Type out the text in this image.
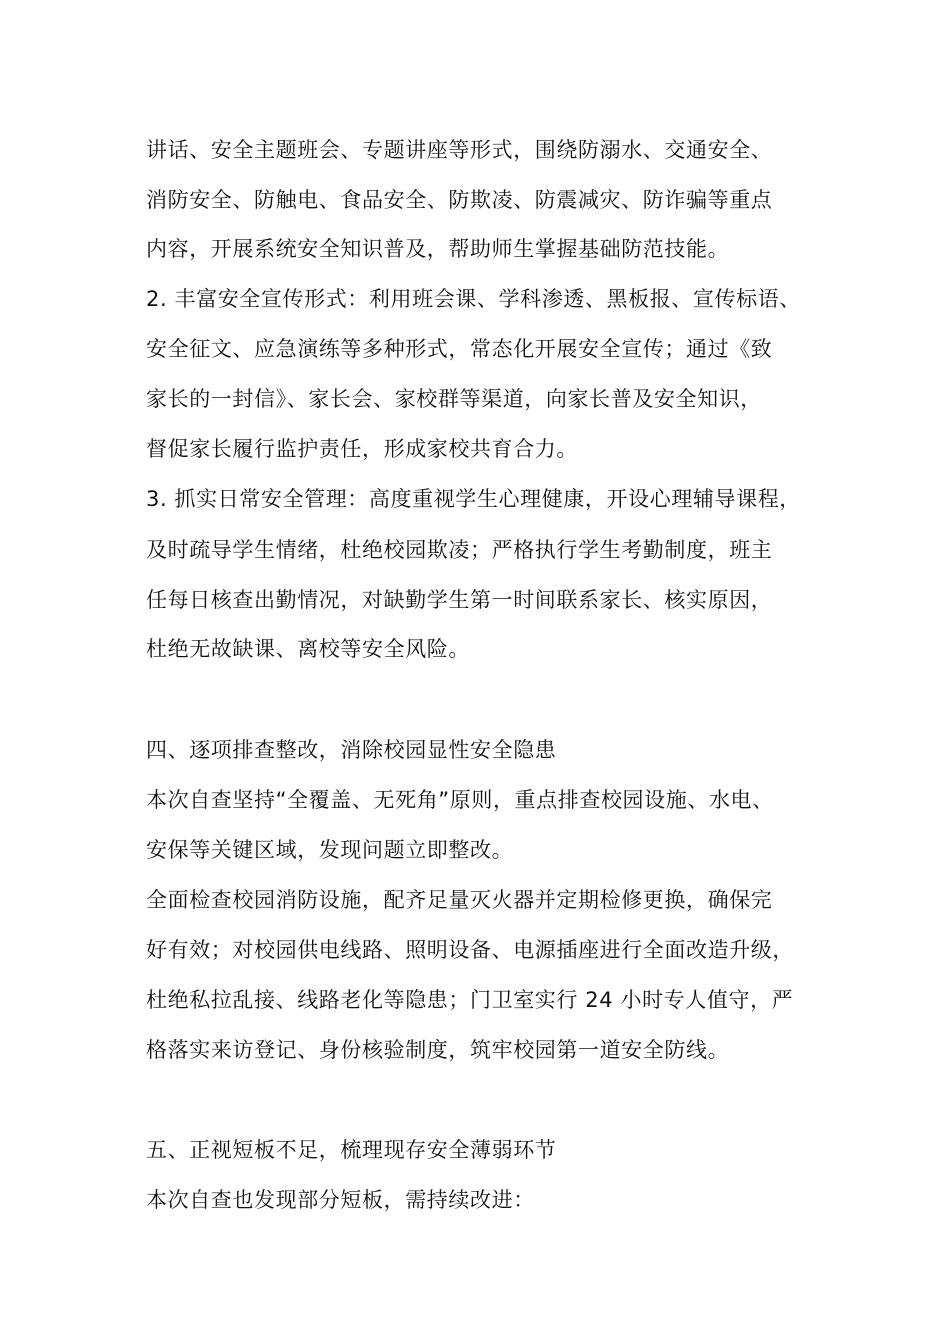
讲话、安全主题班会、专题讲座等形式，围绕防溺水、交通安全、
消防安全、防触电、食品安全、防欺凌、防震减灾、防诈骗等重点
内容，开展系统安全知识普及，帮助师生掌握基础防范技能。
2. 丰富安全宣传形式：利用班会课、学科渗透、黑板报、宣传标语、
安全征文、应急演练等多种形式，常态化开展安全宣传；通过《致
家长的一封信》、家长会、家校群等渠道，向家长普及安全知识，
督促家长履行监护责任，形成家校共育合力。
3. 抓实日常安全管理：高度重视学生心理健康，开设心理辅导课程，
及时疏导学生情绪，杜绝校园欺凌；严格执行学生考勤制度，班主
任每日核查出勤情况，对缺勤学生第一时间联系家长、核实原因，
杜绝无故缺课、离校等安全风险。
四、逐项排查整改，消除校园显性安全隐患
本次自查坚持“全覆盖、无死角”原则，重点排查校园设施、水电、
安保等关键区域，发现问题立即整改。
全面检查校园消防设施，配齐足量灭火器并定期检修更换，确保完
好有效；对校园供电线路、照明设备、电源插座进行全面改造升级，
杜绝私拉乱接、线路老化等隐患；门卫室实行 24 小时专人值守，严
格落实来访登记、身份核验制度，筑牢校园第一道安全防线。
五、正视短板不足，梳理现存安全薄弱环节
本次自查也发现部分短板，需持续改进：
